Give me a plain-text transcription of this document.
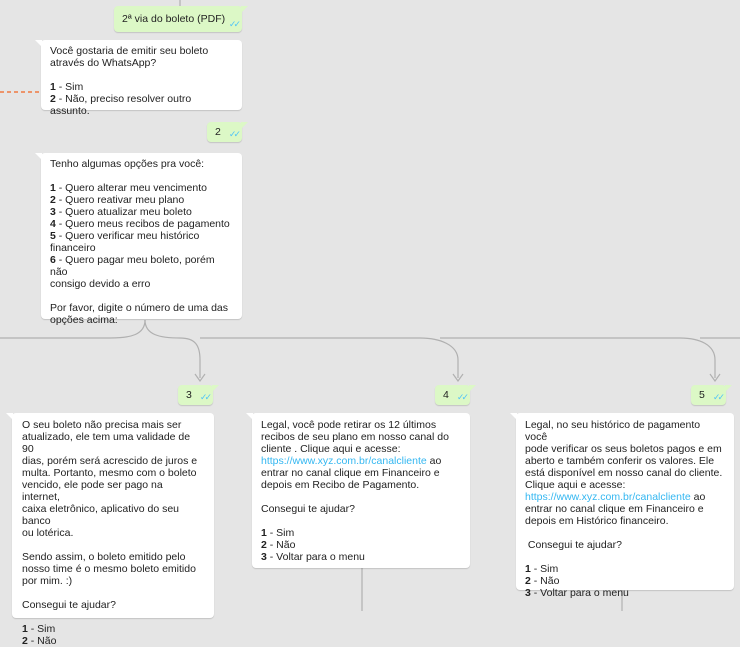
2ª via do boleto (PDF) ✓✓
Você gostaria de emitir seu boleto
através do WhatsApp?
1 - Sim
2 - Não, preciso resolver outro assunto.
2 ✓✓
Tenho algumas opções pra você:
1 - Quero alterar meu vencimento
2 - Quero reativar meu plano
3 - Quero atualizar meu boleto
4 - Quero meus recibos de pagamento
5 - Quero verificar meu histórico
financeiro
6 - Quero pagar meu boleto, porém não
consigo devido a erro
Por favor, digite o número de uma das
opções acima:
3 ✓✓	4 ✓✓	5 ✓✓
O seu boleto não precisa mais ser
atualizado, ele tem uma validade de 90
dias, porém será acrescido de juros e
multa. Portanto, mesmo com o boleto
vencido, ele pode ser pago na  internet,
caixa eletrônico, aplicativo do seu banco
ou lotérica.
Sendo assim, o boleto emitido pelo
nosso time é o mesmo boleto emitido
por mim. :)
Consegui te ajudar?
1 - Sim
2 - Não
Legal, você pode retirar os 12 últimos
recibos de seu plano em nosso canal do
cliente . Clique aqui e acesse:
https://www.xyz.com.br/canalcliente ao
entrar no canal clique em Financeiro e
depois em Recibo de Pagamento.
Consegui te ajudar?
1 - Sim
2 - Não
3 - Voltar para o menu
Legal, no seu histórico de pagamento você
pode verificar os seus boletos pagos e em
aberto e também conferir os valores. Ele
está disponível em nosso canal do cliente.
Clique aqui e acesse:
https://www.xyz.com.br/canalcliente ao
entrar no canal clique em Financeiro e
depois em Histórico financeiro.
Consegui te ajudar?
1 - Sim
2 - Não
3 - Voltar para o menu
